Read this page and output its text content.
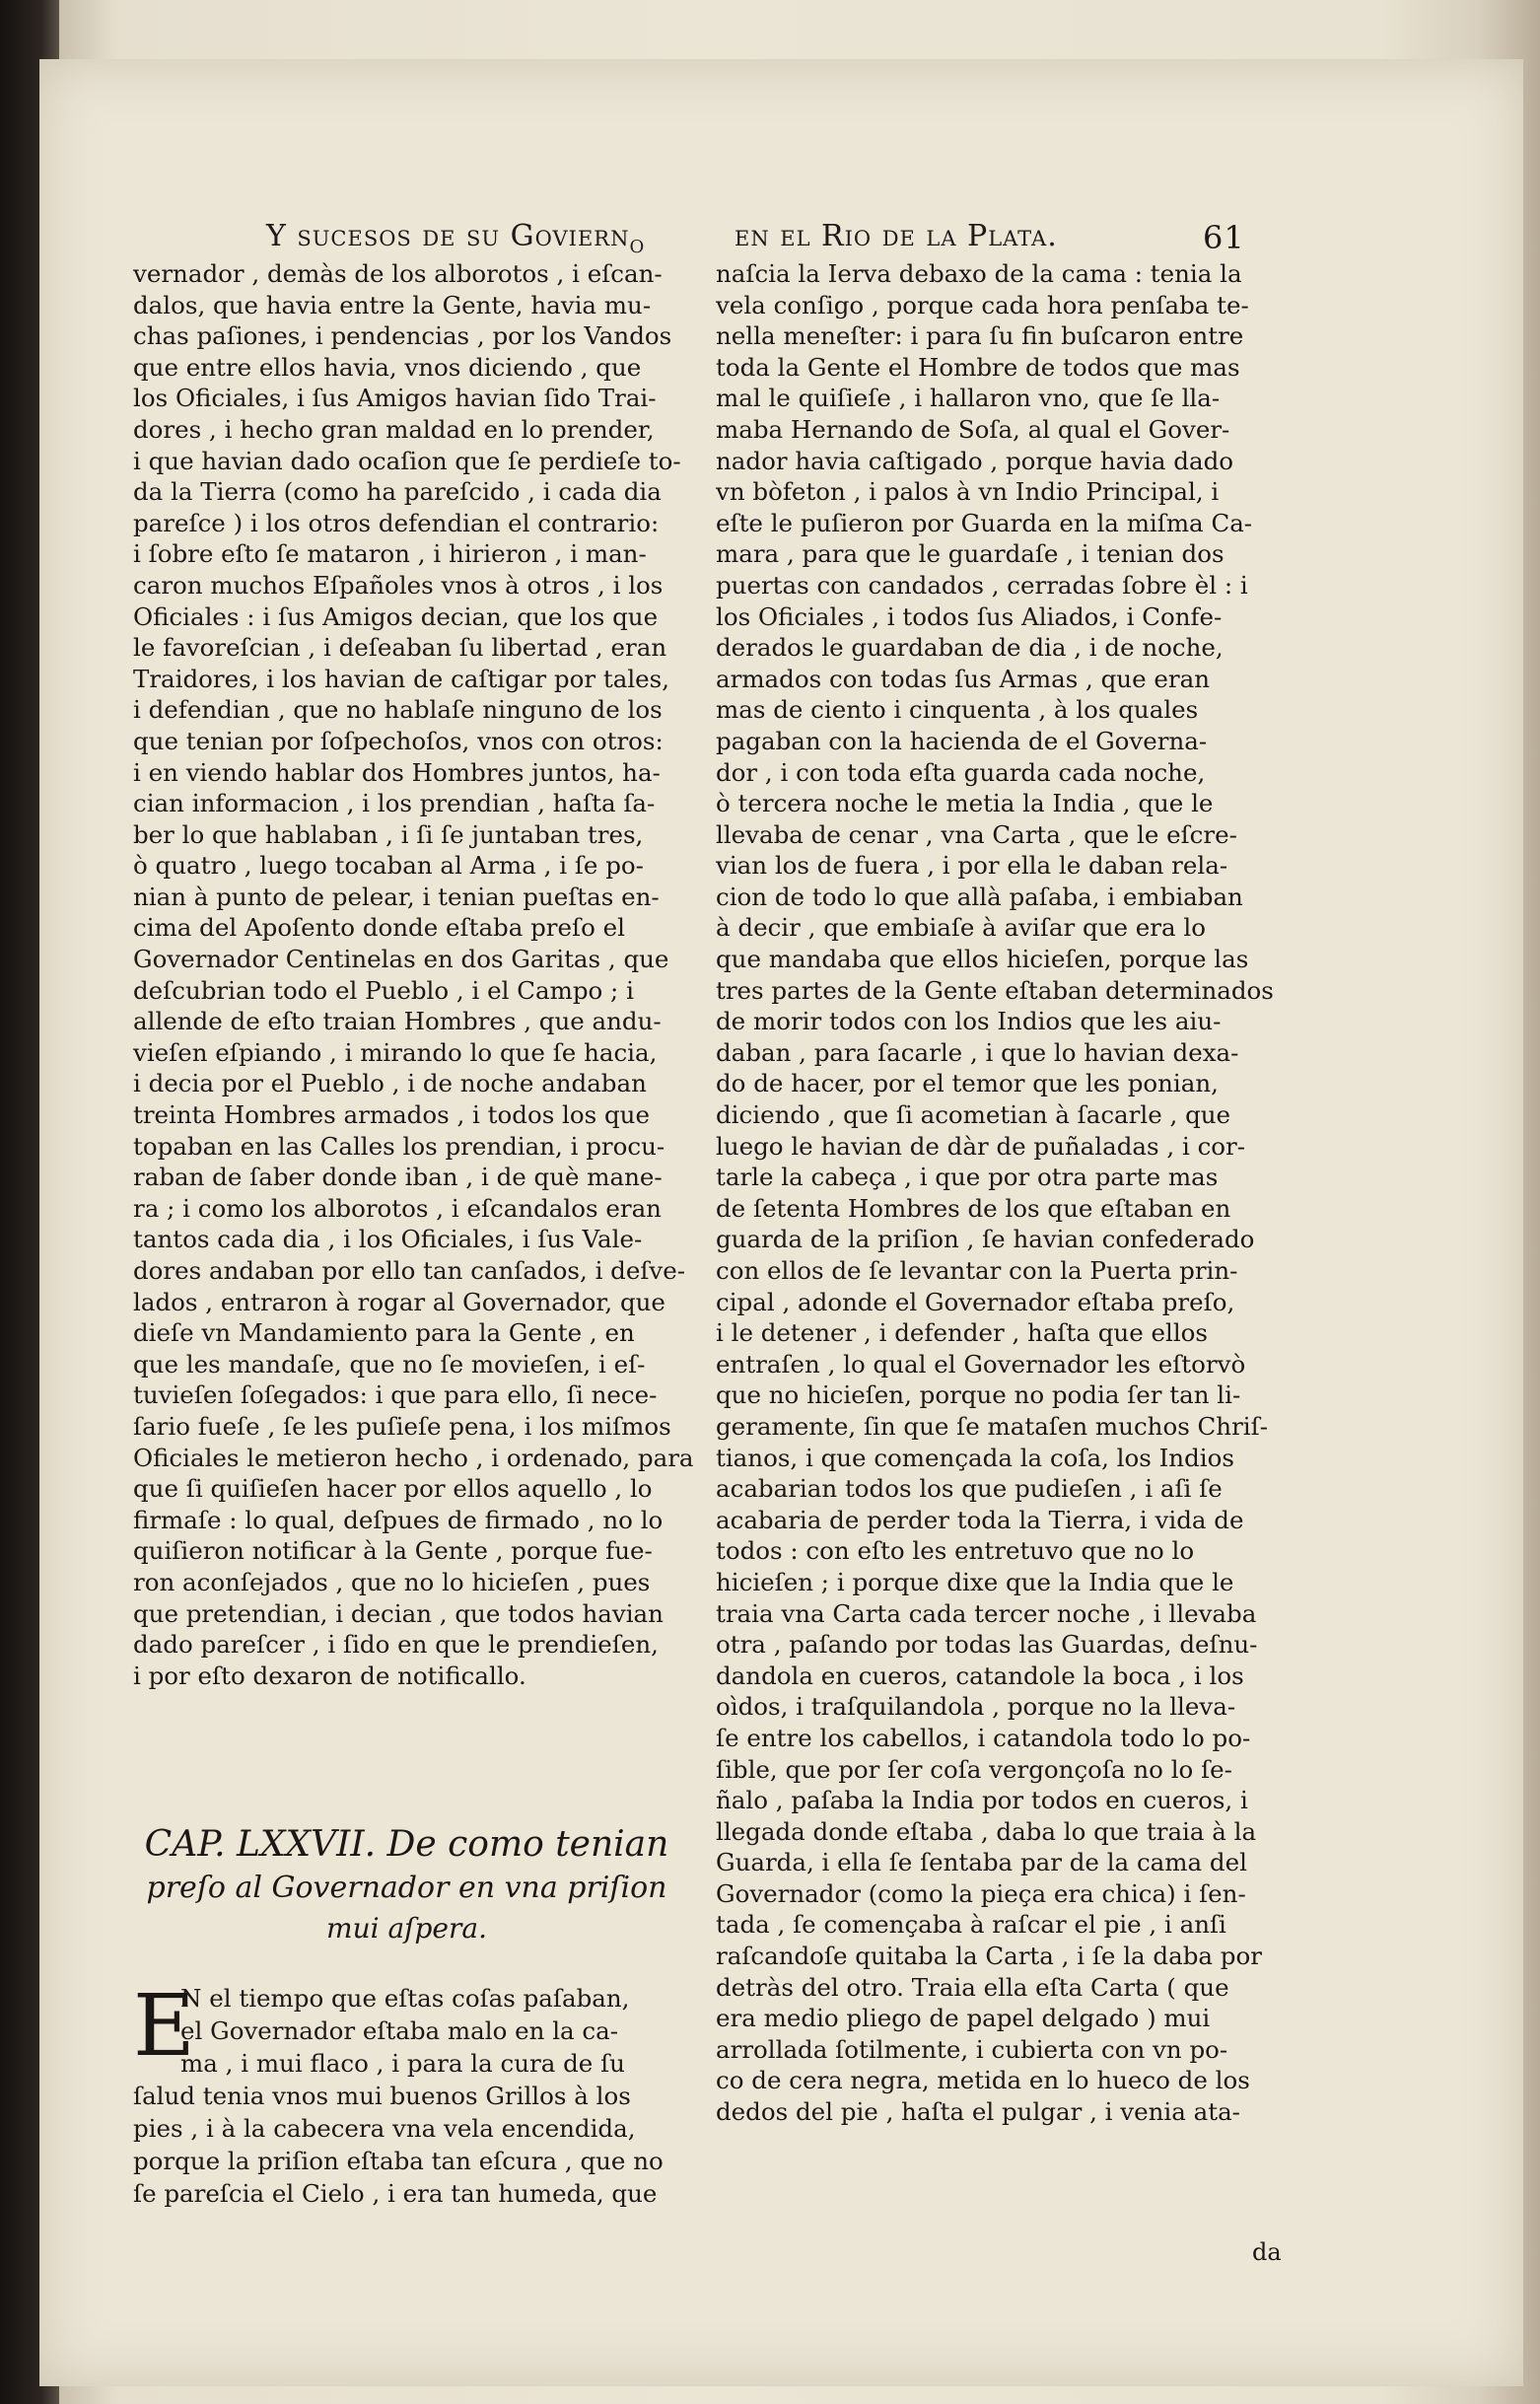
Y sucesos de su Goviern$_o$	en el Rio de la Plata.	61
vernador , demàs de los alborotos , i eſcan-
dalos, que havia entre la Gente, havia mu-
chas paſiones, i pendencias , por los Vandos
que entre ellos havia, vnos diciendo , que
los Oficiales, i ſus Amigos havian ſido Trai-
dores , i hecho gran maldad en lo prender,
i que havian dado ocaſion que ſe perdieſe to-
da la Tierra (como ha pareſcido , i cada dia
pareſce ) i los otros defendian el contrario:
i ſobre eſto ſe mataron , i hirieron , i man-
caron muchos Eſpañoles vnos à otros , i los
Oficiales : i ſus Amigos decian, que los que
le favoreſcian , i deſeaban ſu libertad , eran
Traidores, i los havian de caſtigar por tales,
i defendian , que no hablaſe ninguno de los
que tenian por ſoſpechoſos, vnos con otros:
i en viendo hablar dos Hombres juntos, ha-
cian informacion , i los prendian , haſta ſa-
ber lo que hablaban , i ſi ſe juntaban tres,
ò quatro , luego tocaban al Arma , i ſe po-
nian à punto de pelear, i tenian pueſtas en-
cima del Apoſento donde eſtaba preſo el
Governador Centinelas en dos Garitas , que
deſcubrian todo el Pueblo , i el Campo ; i
allende de eſto traian Hombres , que andu-
vieſen eſpiando , i mirando lo que ſe hacia,
i decia por el Pueblo , i de noche andaban
treinta Hombres armados , i todos los que
topaban en las Calles los prendian, i procu-
raban de ſaber donde iban , i de què mane-
ra ; i como los alborotos , i eſcandalos eran
tantos cada dia , i los Oficiales, i ſus Vale-
dores andaban por ello tan canſados, i deſve-
lados , entraron à rogar al Governador, que
dieſe vn Mandamiento para la Gente , en
que les mandaſe, que no ſe movieſen, i eſ-
tuvieſen ſoſegados: i que para ello, ſi nece-
ſario fueſe , ſe les puſieſe pena, i los miſmos
Oficiales le metieron hecho , i ordenado, para
que ſi quiſieſen hacer por ellos aquello , lo
firmaſe : lo qual, deſpues de firmado , no lo
quiſieron notificar à la Gente , porque fue-
ron aconſejados , que no lo hicieſen , pues
que pretendian, i decian , que todos havian
dado pareſcer , i ſido en que le prendieſen,
i por eſto dexaron de notificallo.
CAP. LXXVII. De como tenian
preſo al Governador en vna priſion
mui aſpera.
E
N el tiempo que eſtas coſas paſaban,
el Governador eſtaba malo en la ca-
ma , i mui flaco , i para la cura de ſu
ſalud tenia vnos mui buenos Grillos à los
pies , i à la cabecera vna vela encendida,
porque la priſion eſtaba tan eſcura , que no
ſe pareſcia el Cielo , i era tan humeda, que
naſcia la Ierva debaxo de la cama : tenia la
vela conſigo , porque cada hora penſaba te-
nella meneſter: i para ſu fin buſcaron entre
toda la Gente el Hombre de todos que mas
mal le quiſieſe , i hallaron vno, que ſe lla-
maba Hernando de Soſa, al qual el Gover-
nador havia caſtigado , porque havia dado
vn bòfeton , i palos à vn Indio Principal, i
eſte le puſieron por Guarda en la miſma Ca-
mara , para que le guardaſe , i tenian dos
puertas con candados , cerradas ſobre èl : i
los Oficiales , i todos ſus Aliados, i Confe-
derados le guardaban de dia , i de noche,
armados con todas ſus Armas , que eran
mas de ciento i cinquenta , à los quales
pagaban con la hacienda de el Governa-
dor , i con toda eſta guarda cada noche,
ò tercera noche le metia la India , que le
llevaba de cenar , vna Carta , que le eſcre-
vian los de fuera , i por ella le daban rela-
cion de todo lo que allà paſaba, i embiaban
à decir , que embiaſe à aviſar que era lo
que mandaba que ellos hicieſen, porque las
tres partes de la Gente eſtaban determinados
de morir todos con los Indios que les aiu-
daban , para ſacarle , i que lo havian dexa-
do de hacer, por el temor que les ponian,
diciendo , que ſi acometian à ſacarle , que
luego le havian de dàr de puñaladas , i cor-
tarle la cabeça , i que por otra parte mas
de ſetenta Hombres de los que eſtaban en
guarda de la priſion , ſe havian confederado
con ellos de ſe levantar con la Puerta prin-
cipal , adonde el Governador eſtaba preſo,
i le detener , i defender , haſta que ellos
entraſen , lo qual el Governador les eſtorvò
que no hicieſen, porque no podia ſer tan li-
geramente, ſin que ſe mataſen muchos Chriſ-
tianos, i que començada la coſa, los Indios
acabarian todos los que pudieſen , i aſi ſe
acabaria de perder toda la Tierra, i vida de
todos : con eſto les entretuvo que no lo
hicieſen ; i porque dixe que la India que le
traia vna Carta cada tercer noche , i llevaba
otra , paſando por todas las Guardas, deſnu-
dandola en cueros, catandole la boca , i los
oìdos, i traſquilandola , porque no la lleva-
ſe entre los cabellos, i catandola todo lo po-
ſible, que por ſer coſa vergonçoſa no lo ſe-
ñalo , paſaba la India por todos en cueros, i
llegada donde eſtaba , daba lo que traia à la
Guarda, i ella ſe ſentaba par de la cama del
Governador (como la pieça era chica) i ſen-
tada , ſe començaba à raſcar el pie , i anſi
raſcandoſe quitaba la Carta , i ſe la daba por
detràs del otro. Traia ella eſta Carta ( que
era medio pliego de papel delgado ) mui
arrollada ſotilmente, i cubierta con vn po-
co de cera negra, metida en lo hueco de los
dedos del pie , haſta el pulgar , i venia ata-
da
